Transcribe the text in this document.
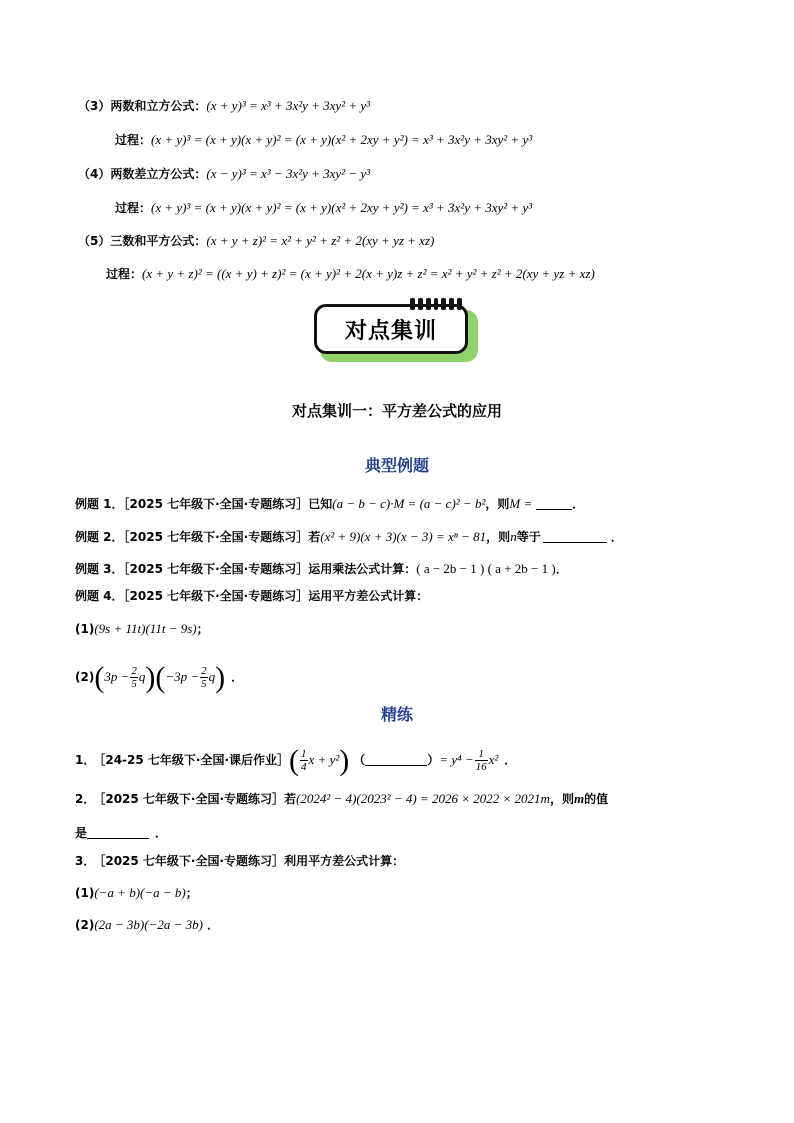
（3）两数和立方公式：(x + y)³ = x³ + 3x²y + 3xy² + y³
过程：(x + y)³ = (x + y)(x + y)² = (x + y)(x² + 2xy + y²) = x³ + 3x²y + 3xy² + y³
（4）两数差立方公式：(x − y)³ = x³ − 3x²y + 3xy² − y³
过程：(x + y)³ = (x + y)(x + y)² = (x + y)(x² + 2xy + y²) = x³ + 3x²y + 3xy² + y³
（5）三数和平方公式：(x + y + z)² = x² + y² + z² + 2(xy + yz + xz)
过程：(x + y + z)² = ((x + y) + z)² = (x + y)² + 2(x + y)z + z² = x² + y² + z² + 2(xy + yz + xz)
对点集训
对点集训一：平方差公式的应用
典型例题
例题 1．［2025 七年级下·全国·专题练习］已知(a − b − c)·M = (a − c)² − b²，则M =	．
例题 2．［2025 七年级下·全国·专题练习］若(x² + 9)(x + 3)(x − 3) = xⁿ − 81，则n等于	．
例题 3．［2025 七年级下·全国·专题练习］运用乘法公式计算：( a − 2b − 1 ) ( a + 2b − 1 )．
例题 4．［2025 七年级下·全国·专题练习］运用平方差公式计算：
(1)(9s + 11t)(11t − 9s)；
$(2)(3p - \frac{2}{5} q)(-3p - \frac{2}{5} q)$ ．
精练
1． ［24-25 七年级下·全国·课后作业］( $\frac{1}{4}$ x + y²) （	）= $y^4 - \frac{1}{16} x^2$ ．
2． ［2025 七年级下·全国·专题练习］若(2024² − 4)(2023² − 4) = 2026 × 2022 × 2021m，则m的值
是	．
3． ［2025 七年级下·全国·专题练习］利用平方差公式计算：
(1)(−a + b)(−a − b)；
(2)(2a − 3b)(−2a − 3b) ．
